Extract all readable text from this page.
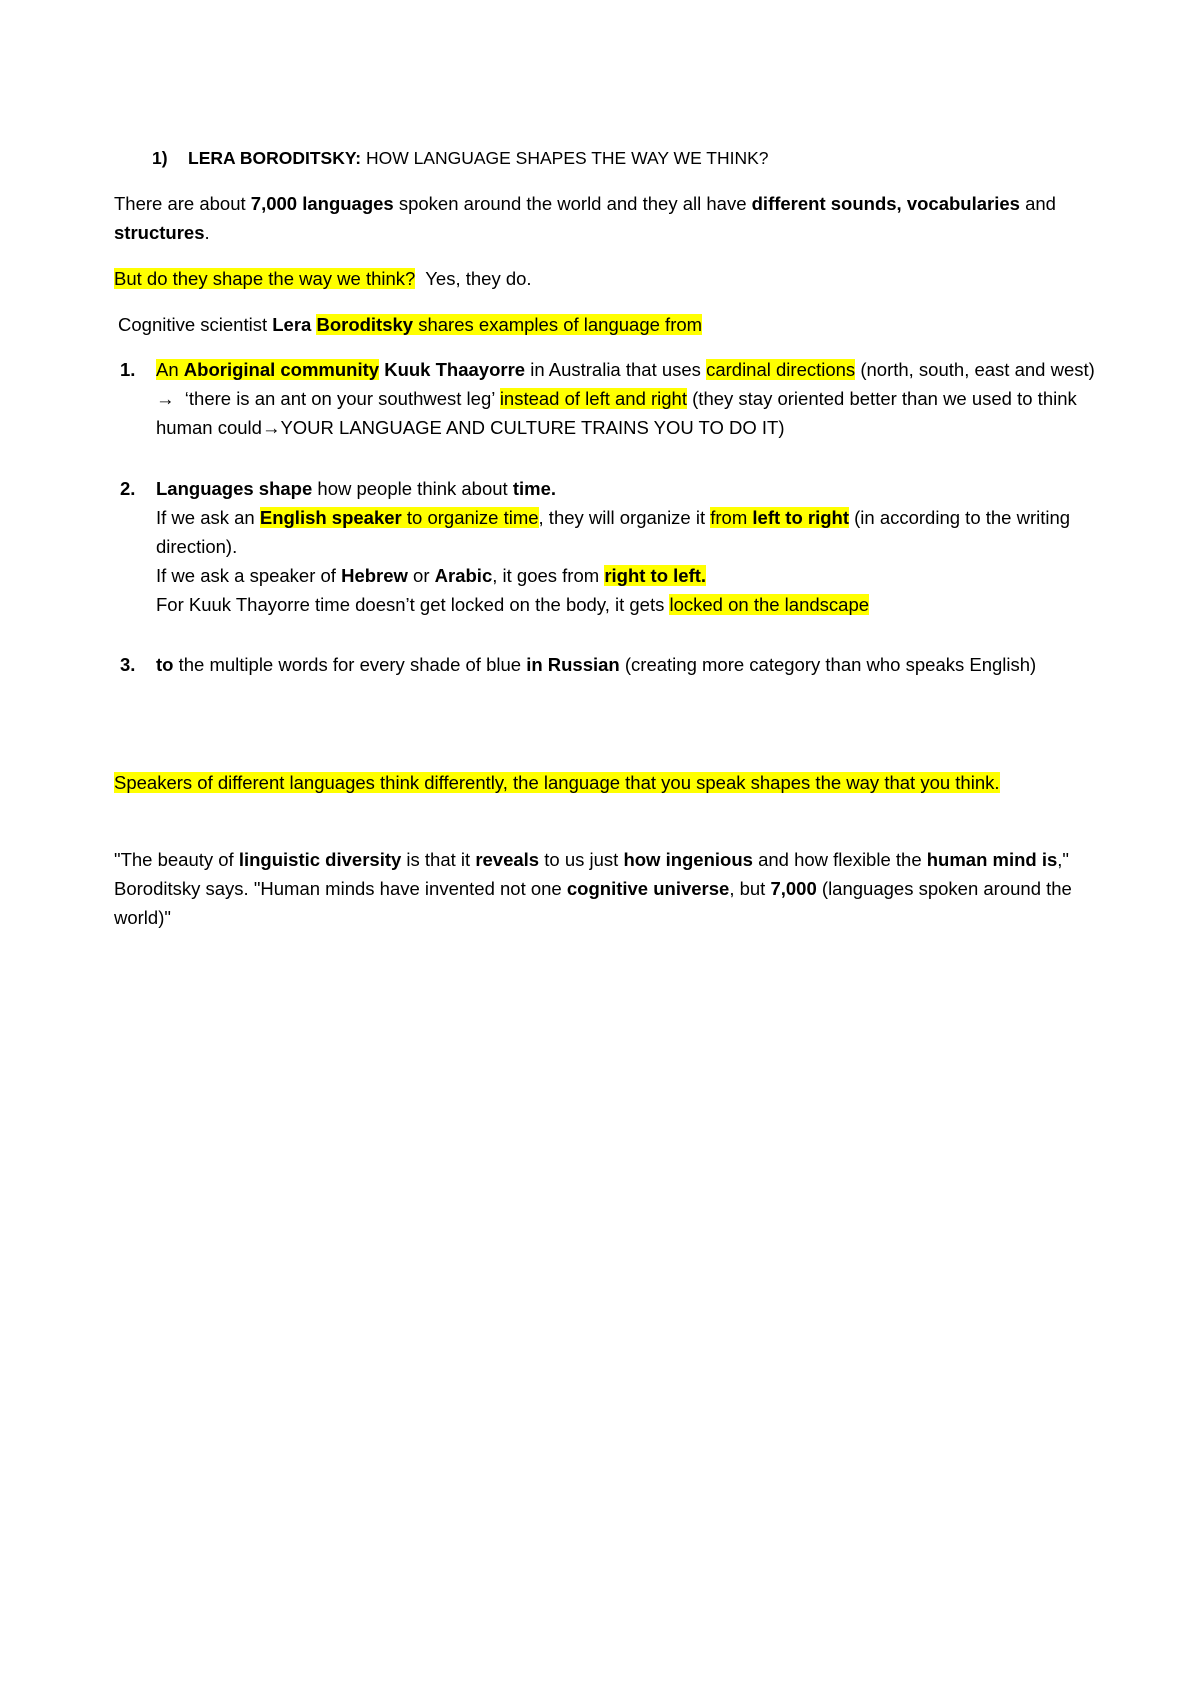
1) LERA BORODITSKY: HOW LANGUAGE SHAPES THE WAY WE THINK?
There are about 7,000 languages spoken around the world and they all have different sounds, vocabularies and structures.
But do they shape the way we think?  Yes, they do.
Cognitive scientist Lera Boroditsky shares examples of language from
1. An Aboriginal community Kuuk Thaayorre in Australia that uses cardinal directions (north, south, east and west) →  ‘there is an ant on your southwest leg’ instead of left and right (they stay oriented better than we used to think human could→YOUR LANGUAGE AND CULTURE TRAINS YOU TO DO IT)
2. Languages shape how people think about time.
If we ask an English speaker to organize time, they will organize it from left to right (in according to the writing direction).
If we ask a speaker of Hebrew or Arabic, it goes from right to left.
For Kuuk Thayorre time doesn’t get locked on the body, it gets locked on the landscape
3. to the multiple words for every shade of blue in Russian (creating more category than who speaks English)
Speakers of different languages think differently, the language that you speak shapes the way that you think.
"The beauty of linguistic diversity is that it reveals to us just how ingenious and how flexible the human mind is," Boroditsky says. "Human minds have invented not one cognitive universe, but 7,000 (languages spoken around the world)"
